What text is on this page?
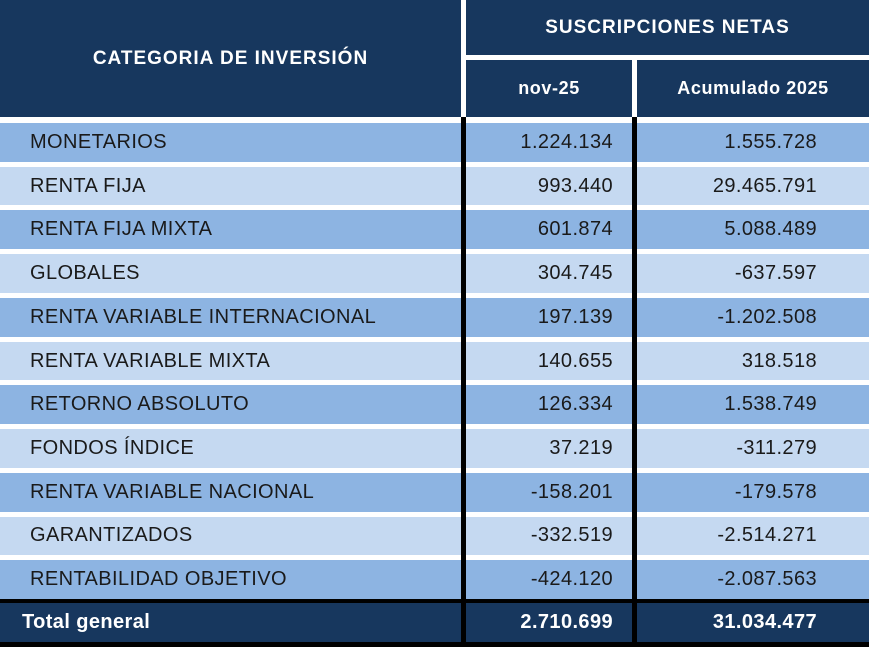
CATEGORIA DE INVERSIÓN
SUSCRIPCIONES NETAS
nov-25	Acumulado 2025
MONETARIOS	1.224.134	1.555.728
RENTA FIJA	993.440	29.465.791
RENTA FIJA MIXTA	601.874	5.088.489
GLOBALES	304.745	-637.597
RENTA VARIABLE INTERNACIONAL	197.139	-1.202.508
RENTA VARIABLE MIXTA	140.655	318.518
RETORNO ABSOLUTO	126.334	1.538.749
FONDOS ÍNDICE	37.219	-311.279
RENTA VARIABLE NACIONAL	-158.201	-179.578
GARANTIZADOS	-332.519	-2.514.271
RENTABILIDAD OBJETIVO	-424.120	-2.087.563
Total general	2.710.699	31.034.477
